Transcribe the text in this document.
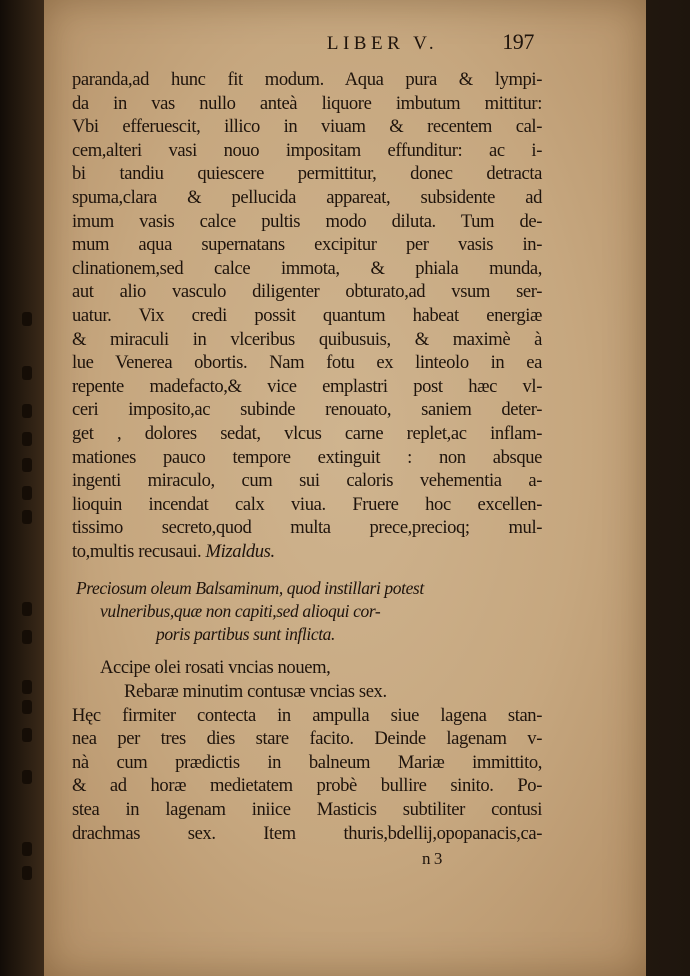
LIBER V.	197
paranda,ad hunc fit modum. Aqua pura & lympi-
da in vas nullo anteà liquore imbutum mittitur:
Vbi efferuescit, illico in viuam & recentem cal-
cem,alteri vasi nouo impositam effunditur: ac i-
bi tandiu quiescere permittitur, donec detracta
spuma,clara & pellucida appareat, subsidente ad
imum vasis calce pultis modo diluta. Tum de-
mum aqua supernatans excipitur per vasis in-
clinationem,sed calce immota, & phiala munda,
aut alio vasculo diligenter obturato,ad vsum ser-
uatur. Vix credi possit quantum habeat energiæ
& miraculi in vlceribus quibusuis, & maximè à
lue Venerea obortis. Nam fotu ex linteolo in ea
repente madefacto,& vice emplastri post hæc vl-
ceri imposito,ac subinde renouato, saniem deter-
get , dolores sedat, vlcus carne replet,ac inflam-
mationes pauco tempore extinguit : non absque
ingenti miraculo, cum sui caloris vehementia a-
lioquin incendat calx viua. Fruere hoc excellen-
tissimo secreto,quod multa prece,precioq; mul-
to,multis recusaui. Mizaldus.
Preciosum oleum Balsaminum, quod instillari potest
vulneribus,quæ non capiti,sed alioqui cor-
poris partibus sunt inflicta.
Accipe olei rosati vncias nouem,
Rebaræ minutim contusæ vncias sex.
Hęc firmiter contecta in ampulla siue lagena stan-
nea per tres dies stare facito. Deinde lagenam v-
nà cum prædictis in balneum Mariæ immittito,
& ad horæ medietatem probè bullire sinito. Po-
stea in lagenam iniice Masticis subtiliter contusi
drachmas sex. Item thuris,bdellij,opopanacis,ca-
n 3
